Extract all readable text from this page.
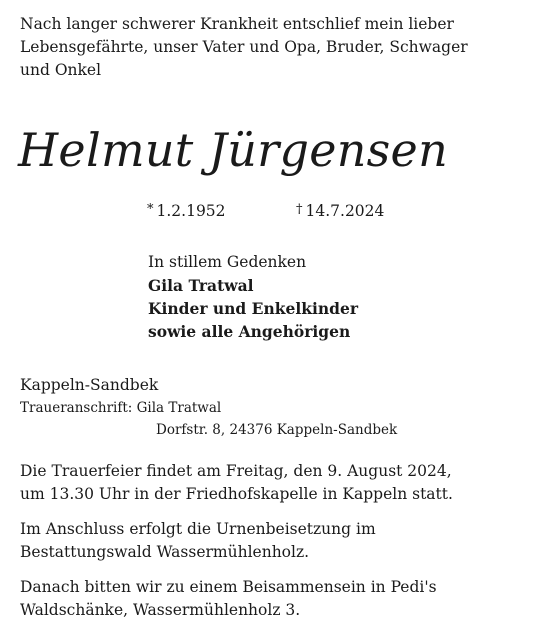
Nach langer schwerer Krankheit entschlief mein lieber
Lebensgefährte, unser Vater und Opa, Bruder, Schwager
und Onkel
Helmut Jürgensen
* 1.2.1952	† 14.7.2024
In stillem Gedenken
Gila Tratwal
Kinder und Enkelkinder
sowie alle Angehörigen
Kappeln-Sandbek
Traueranschrift: Gila Tratwal
Dorfstr. 8, 24376 Kappeln-Sandbek
Die Trauerfeier findet am Freitag, den 9. August 2024,
um 13.30 Uhr in der Friedhofskapelle in Kappeln statt.
Im Anschluss erfolgt die Urnenbeisetzung im
Bestattungswald Wassermühlenholz.
Danach bitten wir zu einem Beisammensein in Pedi's
Waldschänke, Wassermühlenholz 3.
